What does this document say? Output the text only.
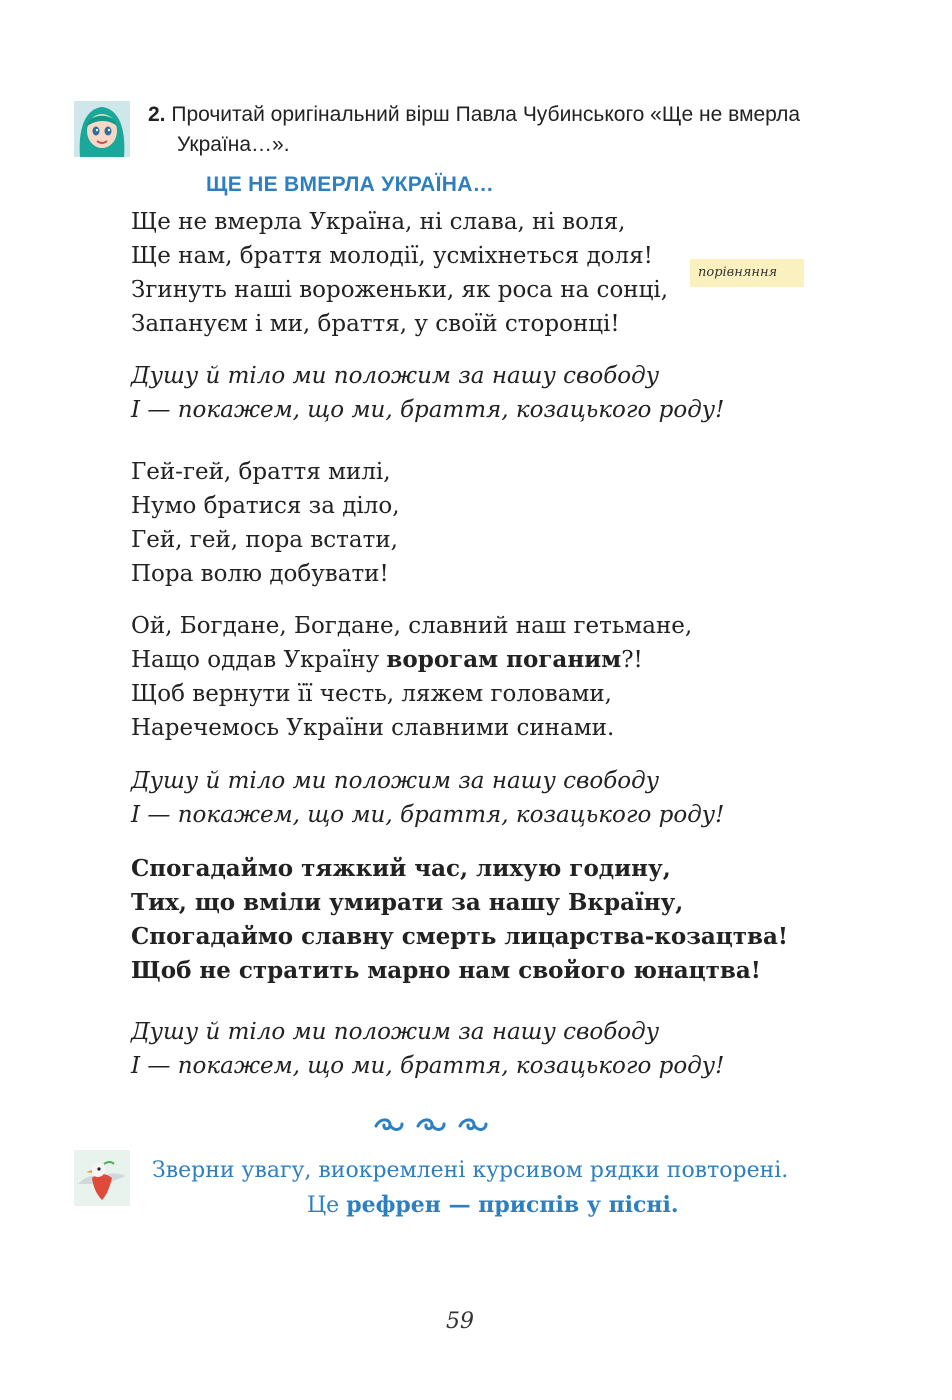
2. Прочитай оригінальний вірш Павла Чубинського «Ще не вмерла
Україна…».
ЩЕ НЕ ВМЕРЛА УКРАЇНА…
Ще не вмерла Україна, ні слава, ні воля,
Ще нам, браття молодії, усміхнеться доля!
Згинуть наші вороженьки, як роса на сонці,
Запануєм і ми, браття, у своїй сторонці!
порівняння
Душу й тіло ми положим за нашу свободу
І — покажем, що ми, браття, козацького роду!
Гей-гей, браття милі,
Нумо братися за діло,
Гей, гей, пора встати,
Пора волю добувати!
Ой, Богдане, Богдане, славний наш гетьмане,
Нащо оддав Україну ворогам поганим?!
Щоб вернути її честь, ляжем головами,
Наречемось України славними синами.
Душу й тіло ми положим за нашу свободу
І — покажем, що ми, браття, козацького роду!
Спогадаймо тяжкий час, лихую годину,
Тих, що вміли умирати за нашу Вкраїну,
Спогадаймо славну смерть лицарства-козацтва!
Щоб не стратить марно нам свойого юнацтва!
Душу й тіло ми положим за нашу свободу
І — покажем, що ми, браття, козацького роду!
Зверни увагу, виокремлені курсивом рядки повторені.
Це рефрен — приспів у пісні.
59
